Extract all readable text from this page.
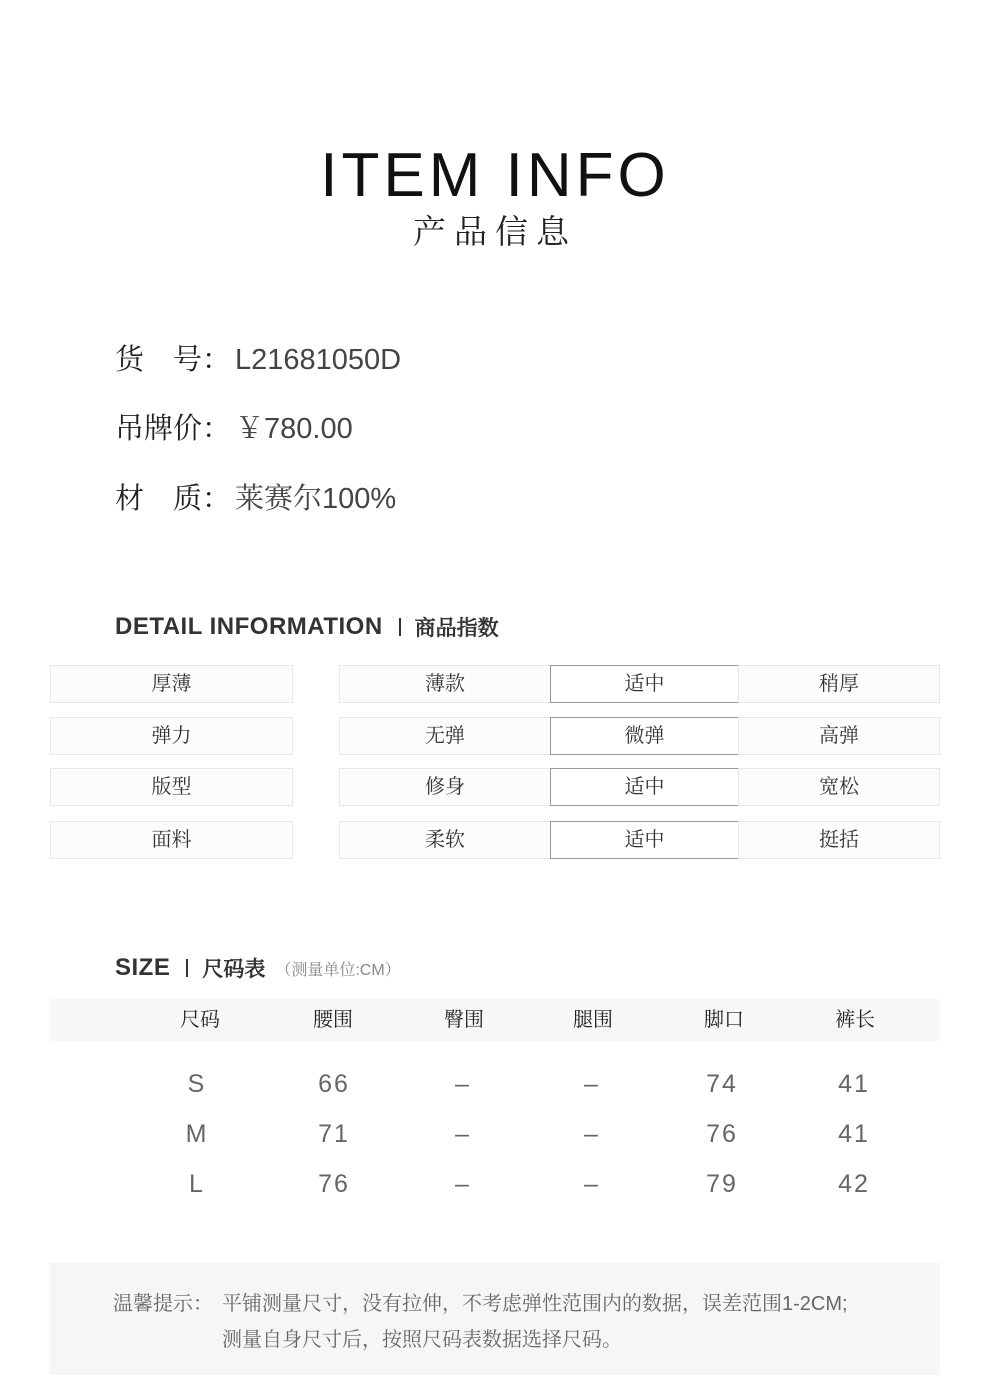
ITEM INFO
产品信息
货　号： L21681050D
吊牌价： ￥780.00
材　质： 莱赛尔100%
DETAIL INFORMATION 商品指数
厚薄	薄款	适中	稍厚
弹力	无弹	微弹	高弹
版型	修身	适中	宽松
面料	柔软	适中	挺括
SIZE 尺码表 （测量单位:CM）
尺码	腰围	臀围	腿围	脚口	裤长
S	66	–	–	74	41
M	71	–	–	76	41
L	76	–	–	79	42
温馨提示： 平铺测量尺寸，没有拉伸，不考虑弹性范围内的数据，误差范围1-2CM;
测量自身尺寸后，按照尺码表数据选择尺码。
